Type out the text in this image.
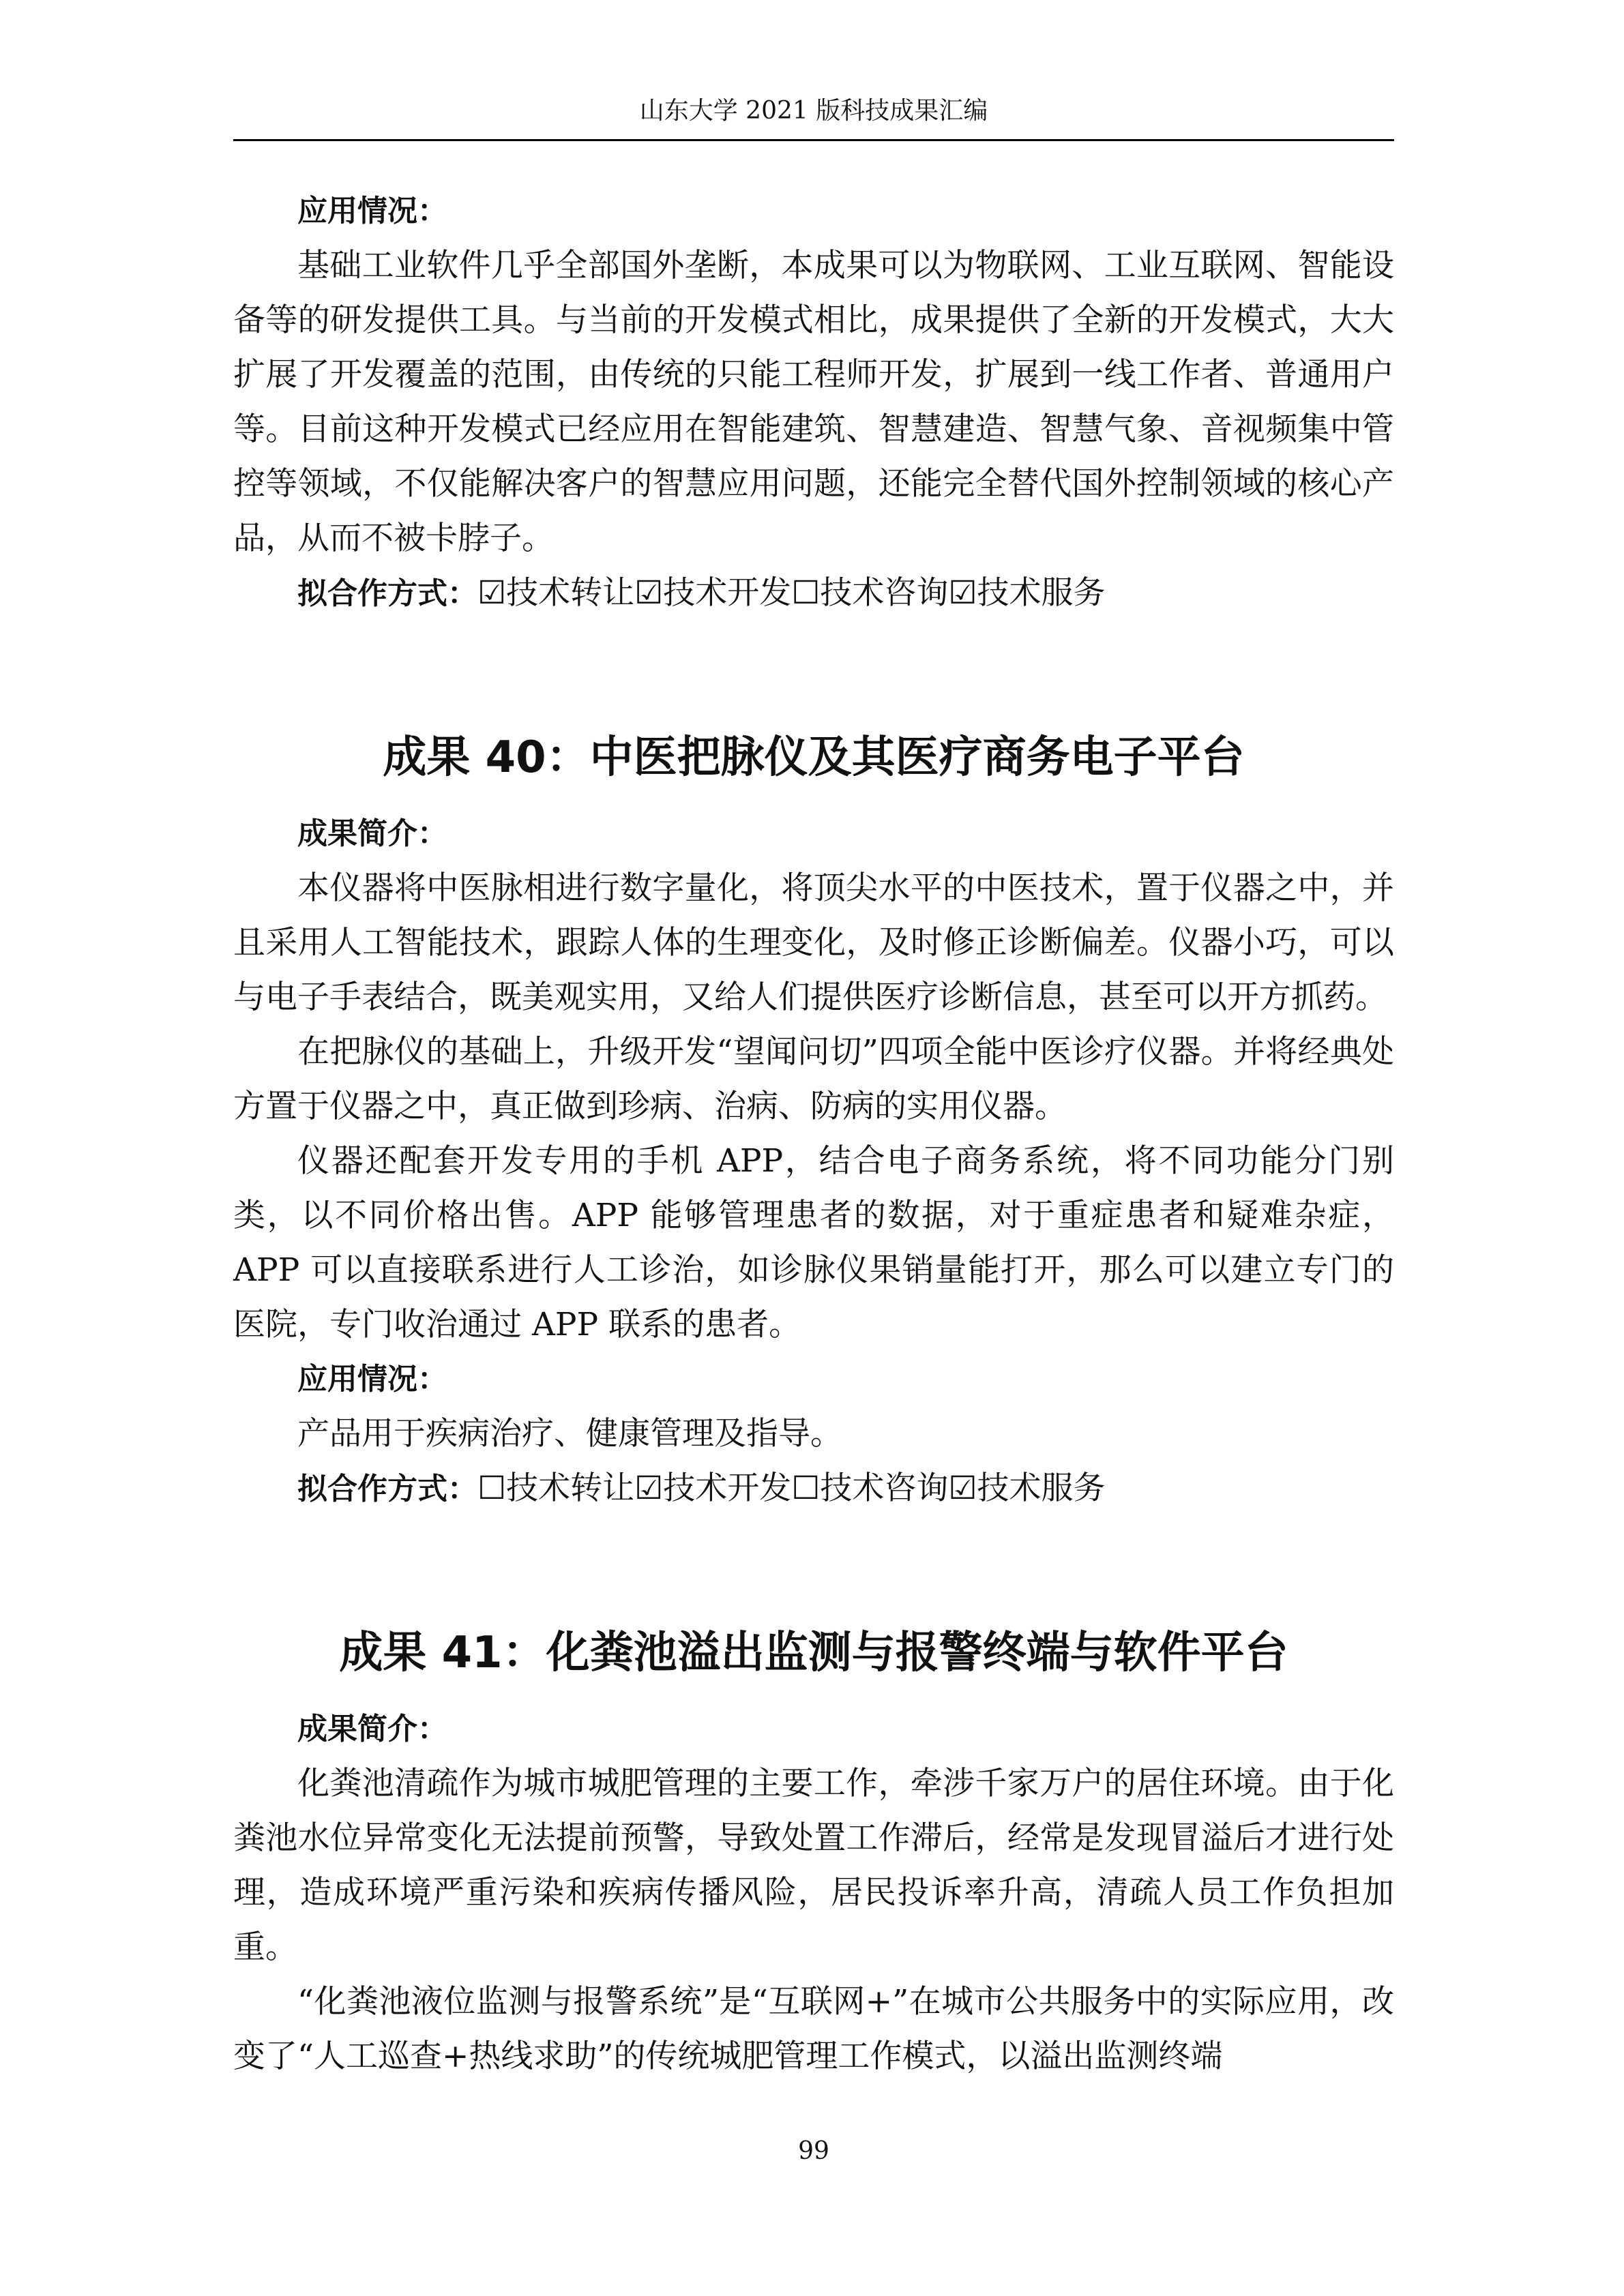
山东大学 2021 版科技成果汇编

应用情况：

基础工业软件几乎全部国外垄断，本成果可以为物联网、工业互联网、智能设备等的研发提供工具。与当前的开发模式相比，成果提供了全新的开发模式，大大扩展了开发覆盖的范围，由传统的只能工程师开发，扩展到一线工作者、普通用户等。目前这种开发模式已经应用在智能建筑、智慧建造、智慧气象、音视频集中管控等领域，不仅能解决客户的智慧应用问题，还能完全替代国外控制领域的核心产品，从而不被卡脖子。

拟合作方式：☑技术转让☑技术开发☐技术咨询☑技术服务

成果 40：中医把脉仪及其医疗商务电子平台

成果简介：

本仪器将中医脉相进行数字量化，将顶尖水平的中医技术，置于仪器之中，并且采用人工智能技术，跟踪人体的生理变化，及时修正诊断偏差。仪器小巧，可以与电子手表结合，既美观实用，又给人们提供医疗诊断信息，甚至可以开方抓药。

在把脉仪的基础上，升级开发“望闻问切”四项全能中医诊疗仪器。并将经典处方置于仪器之中，真正做到珍病、治病、防病的实用仪器。

仪器还配套开发专用的手机 APP，结合电子商务系统，将不同功能分门别类，以不同价格出售。APP 能够管理患者的数据，对于重症患者和疑难杂症，APP 可以直接联系进行人工诊治，如诊脉仪果销量能打开，那么可以建立专门的医院，专门收治通过 APP 联系的患者。

应用情况：

产品用于疾病治疗、健康管理及指导。

拟合作方式：☐技术转让☑技术开发☐技术咨询☑技术服务

成果 41：化粪池溢出监测与报警终端与软件平台

成果简介：

化粪池清疏作为城市城肥管理的主要工作，牵涉千家万户的居住环境。由于化粪池水位异常变化无法提前预警，导致处置工作滞后，经常是发现冒溢后才进行处理，造成环境严重污染和疾病传播风险，居民投诉率升高，清疏人员工作负担加重。

“化粪池液位监测与报警系统”是“互联网+”在城市公共服务中的实际应用，改变了“人工巡查+热线求助”的传统城肥管理工作模式，以溢出监测终端

99
